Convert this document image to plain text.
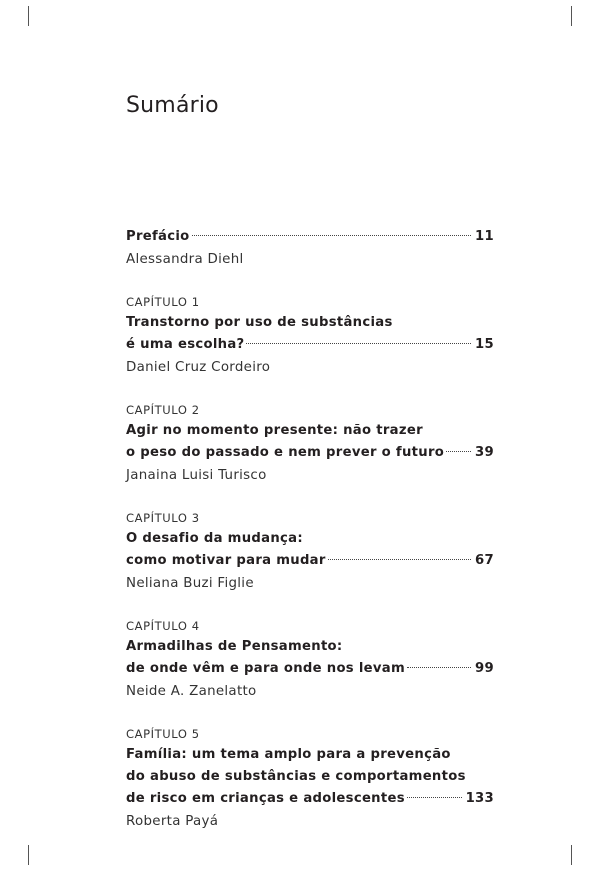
Sumário
Prefácio	11
Alessandra Diehl
CAPÍTULO 1
Transtorno por uso de substâncias
é uma escolha?	15
Daniel Cruz Cordeiro
CAPÍTULO 2
Agir no momento presente: não trazer
o peso do passado e nem prever o futuro 39
Janaina Luisi Turisco
CAPÍTULO 3
O desafio da mudança:
como motivar para mudar	67
Neliana Buzi Figlie
CAPÍTULO 4
Armadilhas de Pensamento:
de onde vêm e para onde nos levam	99
Neide A. Zanelatto
CAPÍTULO 5
Família: um tema amplo para a prevenção
do abuso de substâncias e comportamentos
de risco em crianças e adolescentes	133
Roberta Payá
